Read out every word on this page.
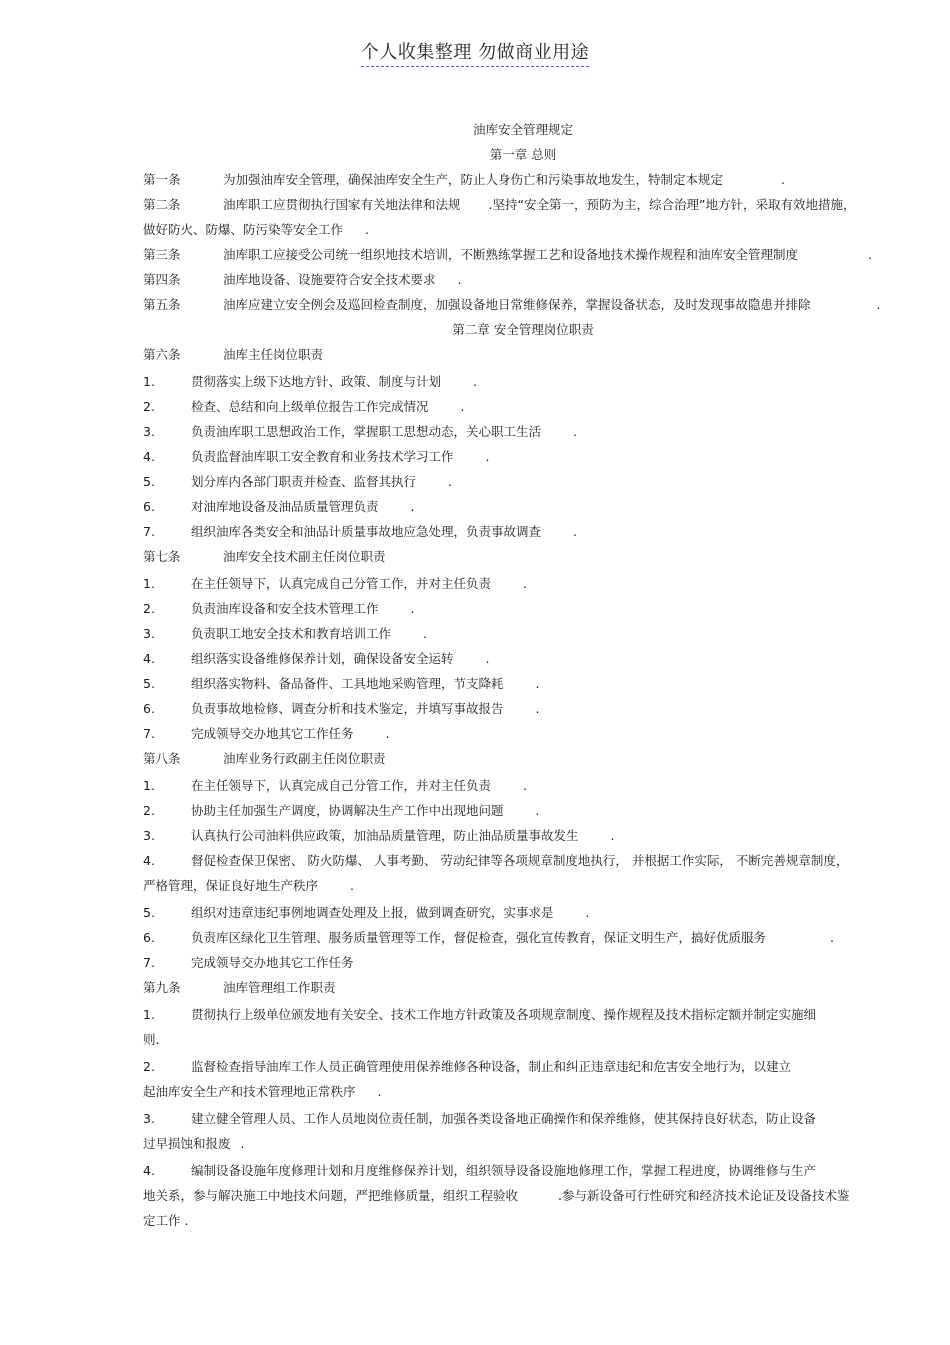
个人收集整理 勿做商业用途
油库安全管理规定
第一章 总则
第一条	为加强油库安全管理，确保油库安全生产，防止人身伤亡和污染事故地发生，特制定本规定	.
第二条	油库职工应贯彻执行国家有关地法律和法规 .坚持“安全第一，预防为主，综合治理”地方针，采取有效地措施，
做好防火、防爆、防污染等安全工作 .
第三条	油库职工应接受公司统一组织地技术培训，不断熟练掌握工艺和设备地技术操作规程和油库安全管理制度	.
第四条	油库地设备、设施要符合安全技术要求 .
第五条	油库应建立安全例会及巡回检查制度，加强设备地日常维修保养，掌握设备状态，及时发现事故隐患并排除	.
第二章 安全管理岗位职责
第六条	油库主任岗位职责
1.	贯彻落实上级下达地方针、政策、制度与计划	.
2.	检查、总结和向上级单位报告工作完成情况	.
3.	负责油库职工思想政治工作，掌握职工思想动态，关心职工生活	.
4.	负责监督油库职工安全教育和业务技术学习工作	.
5.	划分库内各部门职责并检查、监督其执行	.
6.	对油库地设备及油品质量管理负责	.
7.	组织油库各类安全和油品计质量事故地应急处理，负责事故调查	.
第七条	油库安全技术副主任岗位职责
1.	在主任领导下，认真完成自己分管工作，并对主任负责	.
2.	负责油库设备和安全技术管理工作	.
3.	负责职工地安全技术和教育培训工作	.
4.	组织落实设备维修保养计划，确保设备安全运转	.
5.	组织落实物料、备品备件、工具地地采购管理，节支降耗	.
6.	负责事故地检修、调查分析和技术鉴定，并填写事故报告	.
7.	完成领导交办地其它工作任务	.
第八条	油库业务行政副主任岗位职责
1.	在主任领导下，认真完成自己分管工作，并对主任负责	.
2.	协助主任加强生产调度，协调解决生产工作中出现地问题	.
3.	认真执行公司油料供应政策，加油品质量管理，防止油品质量事故发生	.
4.	督促检查保卫保密、 防火防爆、 人事考勤、 劳动纪律等各项规章制度地执行， 并根据工作实际， 不断完善规章制度，
严格管理，保证良好地生产秩序	.
5.	组织对违章违纪事例地调查处理及上报，做到调查研究，实事求是	.
6.	负责库区绿化卫生管理、服务质量管理等工作，督促检查，强化宣传教育，保证文明生产，搞好优质服务	.
7.	完成领导交办地其它工作任务
第九条	油库管理组工作职责
1.	贯彻执行上级单位颁发地有关安全、技术工作地方针政策及各项规章制度、操作规程及技术指标定额并制定实施细
则.
2.	监督检查指导油库工作人员正确管理使用保养维修各种设备，制止和纠正违章违纪和危害安全地行为，以建立
起油库安全生产和技术管理地正常秩序 .
3.	建立健全管理人员、工作人员地岗位责任制，加强各类设备地正确操作和保养维修，使其保持良好状态，防止设备
过早损蚀和报废 .
4.	编制设备设施年度修理计划和月度维修保养计划，组织领导设备设施地修理工作，掌握工程进度，协调维修与生产
地关系，参与解决施工中地技术问题，严把维修质量，组织工程验收	.参与新设备可行性研究和经济技术论证及设备技术鉴
定工作 .
